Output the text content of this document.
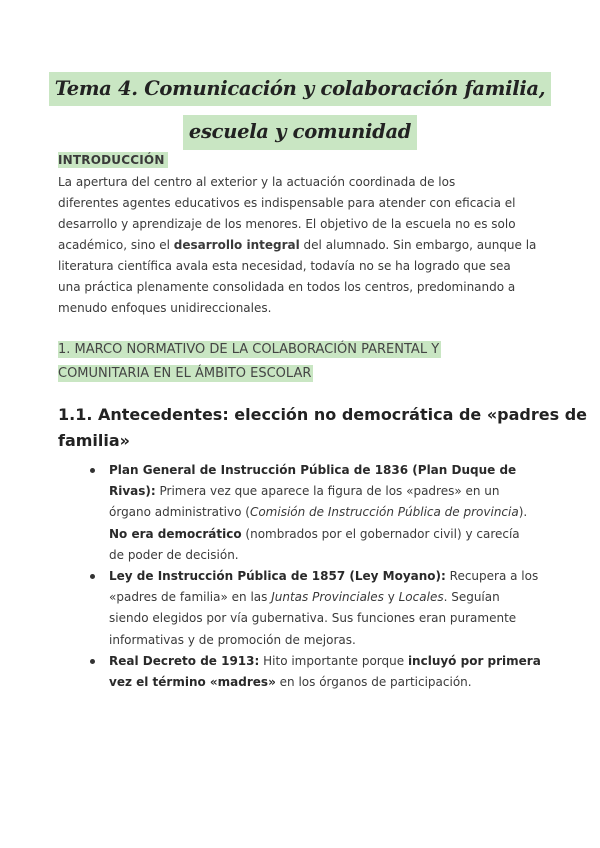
Tema 4. Comunicación y colaboración familia,
escuela y comunidad
INTRODUCCIÓN
La apertura del centro al exterior y la actuación coordinada de los
diferentes agentes educativos es indispensable para atender con eficacia el
desarrollo y aprendizaje de los menores. El objetivo de la escuela no es solo
académico, sino el desarrollo integral del alumnado. Sin embargo, aunque la
literatura científica avala esta necesidad, todavía no se ha logrado que sea
una práctica plenamente consolidada en todos los centros, predominando a
menudo enfoques unidireccionales.
1. MARCO NORMATIVO DE LA COLABORACIÓN PARENTAL Y
COMUNITARIA EN EL ÁMBITO ESCOLAR
1.1. Antecedentes: elección no democrática de «padres de
familia»
Plan General de Instrucción Pública de 1836 (Plan Duque de
Rivas): Primera vez que aparece la figura de los «padres» en un
órgano administrativo (Comisión de Instrucción Pública de provincia).
No era democrático (nombrados por el gobernador civil) y carecía
de poder de decisión.
Ley de Instrucción Pública de 1857 (Ley Moyano): Recupera a los
«padres de familia» en las Juntas Provinciales y Locales. Seguían
siendo elegidos por vía gubernativa. Sus funciones eran puramente
informativas y de promoción de mejoras.
Real Decreto de 1913: Hito importante porque incluyó por primera
vez el término «madres» en los órganos de participación.
